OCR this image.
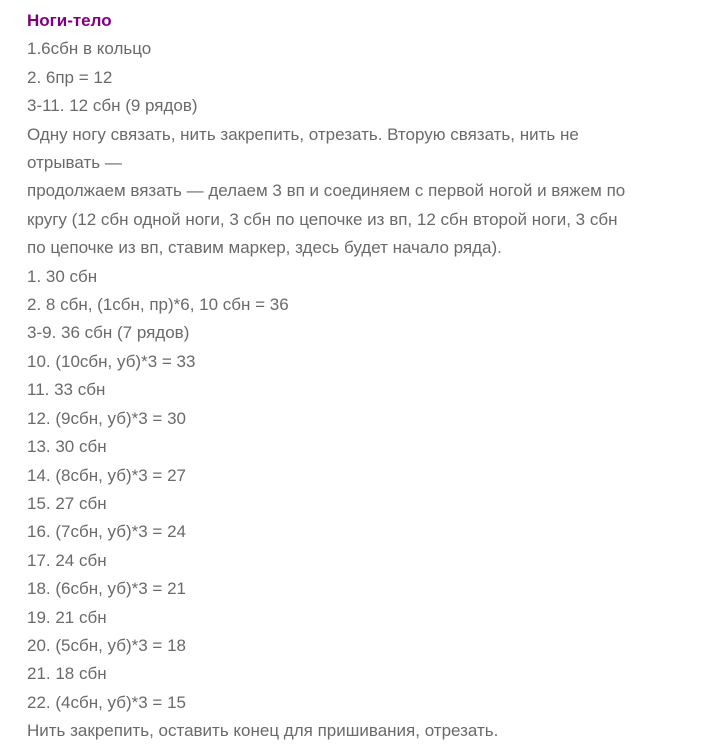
Ноги-тело
1.6сбн в кольцо
2. 6пр = 12
3-11. 12 сбн (9 рядов)
Одну ногу связать, нить закрепить, отрезать. Вторую связать, нить не
отрывать —
продолжаем вязать — делаем 3 вп и соединяем с первой ногой и вяжем по
кругу (12 сбн одной ноги, 3 сбн по цепочке из вп, 12 сбн второй ноги, 3 сбн
по цепочке из вп, ставим маркер, здесь будет начало ряда).
1. 30 сбн
2. 8 сбн, (1сбн, пр)*6, 10 сбн = 36
3-9. 36 сбн (7 рядов)
10. (10сбн, уб)*3 = 33
11. 33 сбн
12. (9сбн, уб)*3 = 30
13. 30 сбн
14. (8сбн, уб)*3 = 27
15. 27 сбн
16. (7сбн, уб)*3 = 24
17. 24 сбн
18. (6сбн, уб)*3 = 21
19. 21 сбн
20. (5сбн, уб)*3 = 18
21. 18 сбн
22. (4сбн, уб)*3 = 15
Нить закрепить, оставить конец для пришивания, отрезать.
